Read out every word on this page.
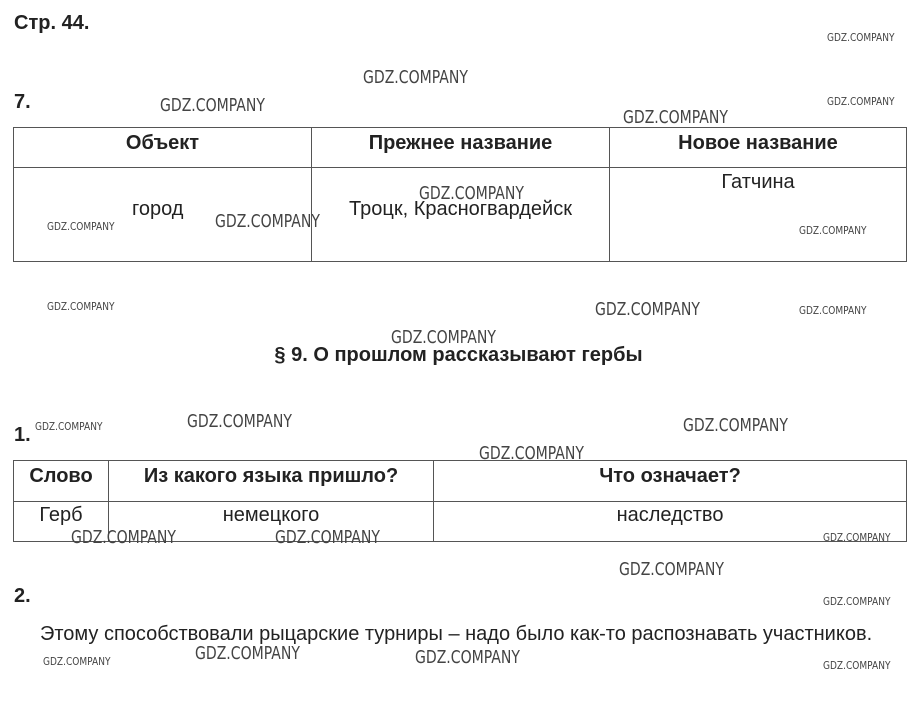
Стр. 44.
7.
Объект	Прежнее название	Новое название
город	Троцк, Красногвардейск	Гатчина
§ 9. О прошлом рассказывают гербы
1.
Слово	Из какого языка пришло?	Что означает?
Герб	немецкого	наследство
2.
Этому способствовали рыцарские турниры – надо было как-то распознавать участников.
GDZ.COMPANY
GDZ.COMPANY
GDZ.COMPANY	GDZ.COMPANY
GDZ.COMPANY
GDZ.COMPANY
GDZ.COMPANY
GDZ.COMPANY	GDZ.COMPANY
GDZ.COMPANY	GDZ.COMPANY	GDZ.COMPANY
GDZ.COMPANY
GDZ.COMPANY
GDZ.COMPANY	GDZ.COMPANY
GDZ.COMPANY
GDZ.COMPANY	GDZ.COMPANY	GDZ.COMPANY
GDZ.COMPANY
GDZ.COMPANY
GDZ.COMPANY
GDZ.COMPANY	GDZ.COMPANY	GDZ.COMPANY
